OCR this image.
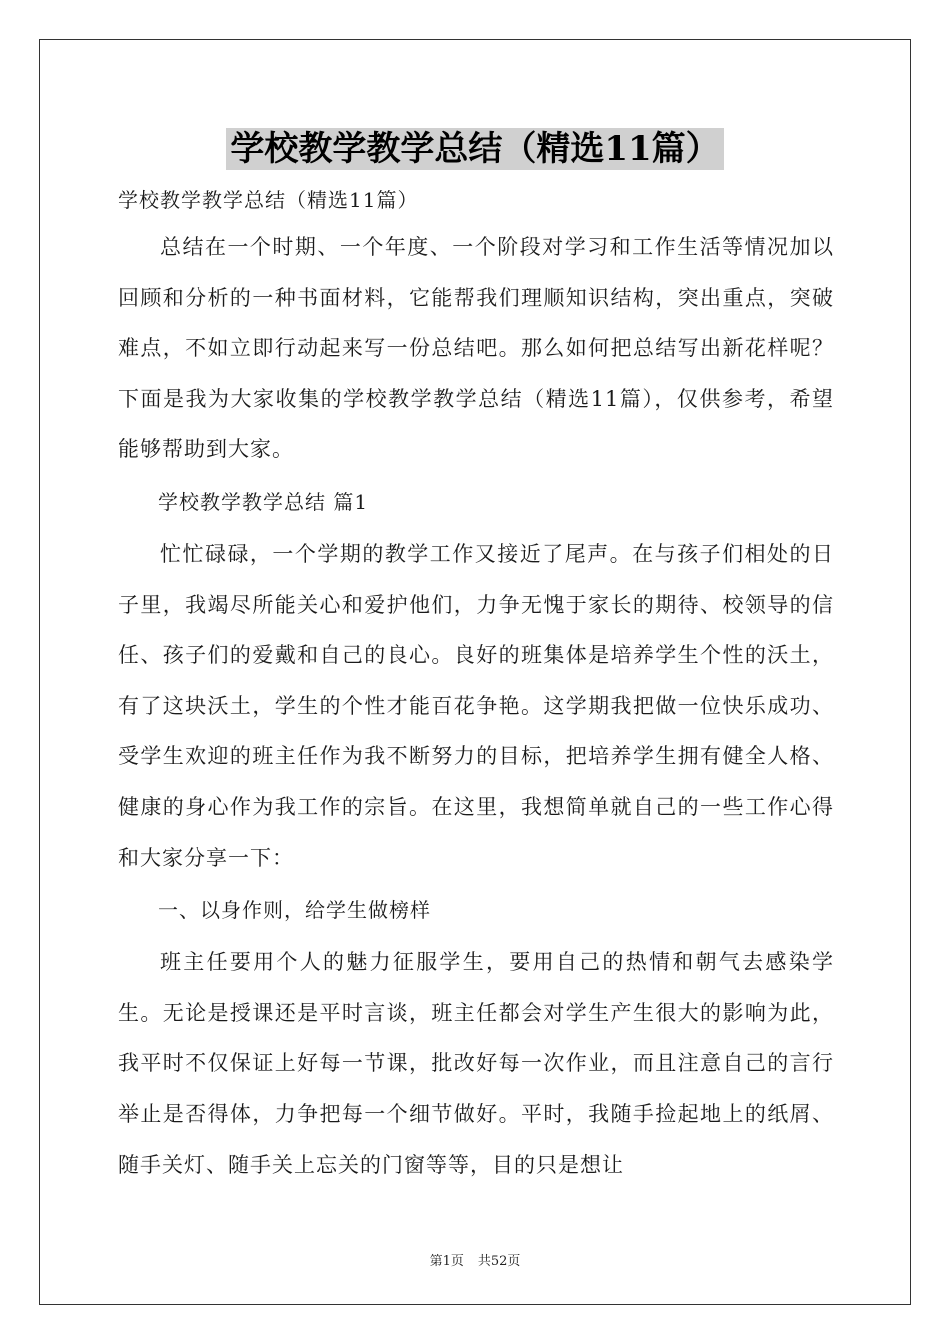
学校教学教学总结（精选11篇）

学校教学教学总结（精选11篇）

总结在一个时期、一个年度、一个阶段对学习和工作生活等情况加以回顾和分析的一种书面材料，它能帮我们理顺知识结构，突出重点，突破难点，不如立即行动起来写一份总结吧。那么如何把总结写出新花样呢？下面是我为大家收集的学校教学教学总结（精选11篇），仅供参考，希望能够帮助到大家。

学校教学教学总结 篇1

忙忙碌碌，一个学期的教学工作又接近了尾声。在与孩子们相处的日子里，我竭尽所能关心和爱护他们，力争无愧于家长的期待、校领导的信任、孩子们的爱戴和自己的良心。良好的班集体是培养学生个性的沃土，有了这块沃土，学生的个性才能百花争艳。这学期我把做一位快乐成功、受学生欢迎的班主任作为我不断努力的目标，把培养学生拥有健全人格、健康的身心作为我工作的宗旨。在这里，我想简单就自己的一些工作心得和大家分享一下：

一、以身作则，给学生做榜样

班主任要用个人的魅力征服学生，要用自己的热情和朝气去感染学生。无论是授课还是平时言谈，班主任都会对学生产生很大的影响为此，我平时不仅保证上好每一节课，批改好每一次作业，而且注意自己的言行举止是否得体，力争把每一个细节做好。平时，我随手捡起地上的纸屑、随手关灯、随手关上忘关的门窗等等，目的只是想让

第1页 共52页
